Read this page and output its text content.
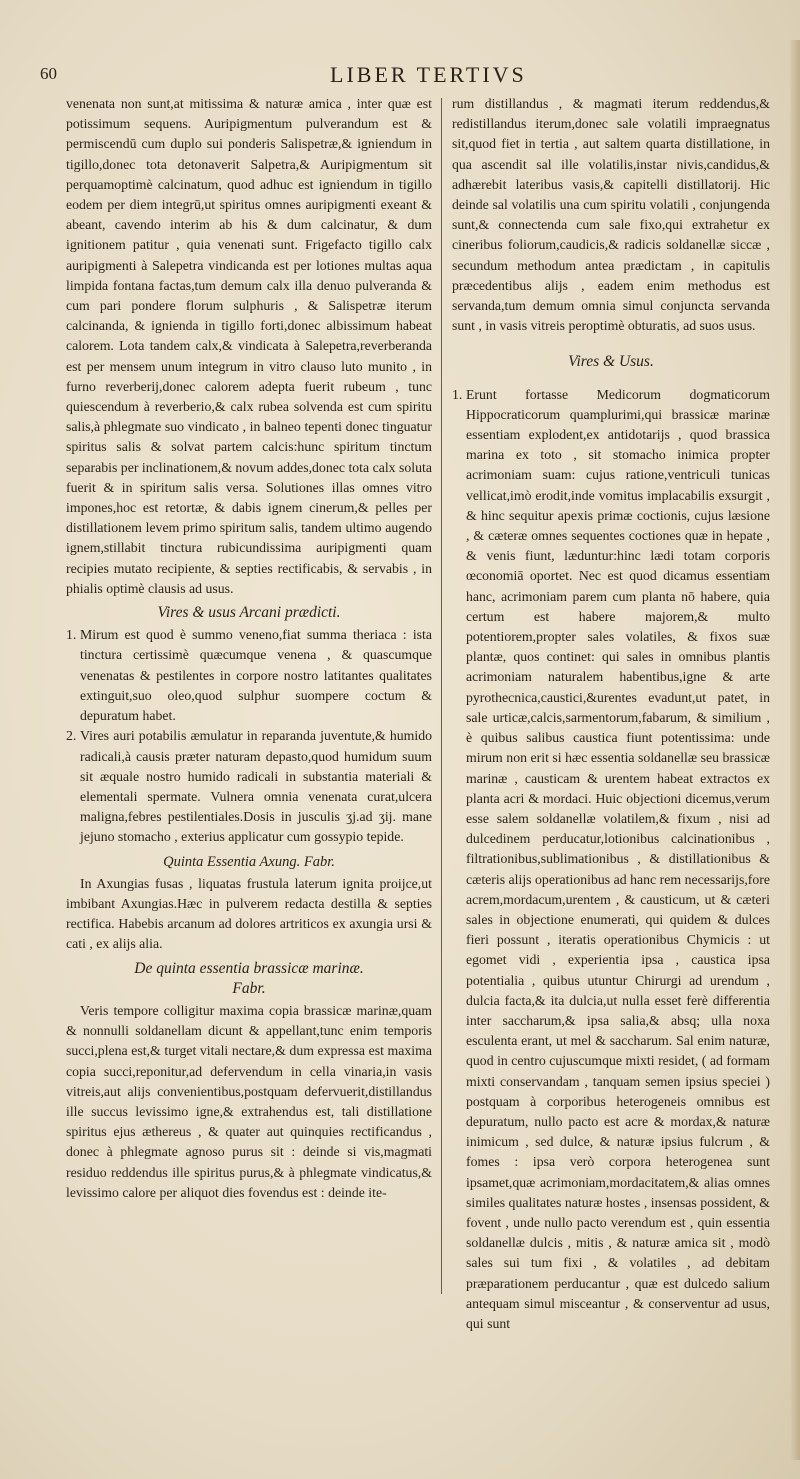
60	LIBER TERTIVS

venenata non sunt,at mitissima & naturæ amica , inter quæ est potissimum sequens. Auripigmentum pulverandum est & permiscendū cum duplo sui ponderis Salispetræ,& igniendum in tigillo,donec tota detonaverit Salpetra,& Auripigmentum sit perquamoptimè calcinatum, quod adhuc est igniendum in tigillo eodem per diem integrū,ut spiritus omnes auripigmenti exeant & abeant, cavendo interim ab his & dum calcinatur, & dum ignitionem patitur , quia venenati sunt. Frigefacto tigillo calx auripigmenti à Salepetra vindicanda est per lotiones multas aqua limpida fontana factas,tum demum calx illa denuo pulveranda & cum pari pondere florum sulphuris , & Salispetræ iterum calcinanda, & ignienda in tigillo forti,donec albissimum habeat calorem. Lota tandem calx,& vindicata à Salepetra,reverberanda est per mensem unum integrum in vitro clauso luto munito , in furno reverberij,donec calorem adepta fuerit rubeum , tunc quiescendum à reverberio,& calx rubea solvenda est cum spiritu salis,à phlegmate suo vindicato , in balneo tepenti donec tinguatur spiritus salis & solvat partem calcis:hunc spiritum tinctum separabis per inclinationem,& novum addes,donec tota calx soluta fuerit & in spiritum salis versa. Solutiones illas omnes vitro impones,hoc est retortæ, & dabis ignem cinerum,& pelles per distillationem levem primo spiritum salis, tandem ultimo augendo ignem,stillabit tinctura rubicundissima auripigmenti quam recipies mutato recipiente, & septies rectificabis, & servabis , in phialis optimè clausis ad usus.

Vires & usus Arcani prædicti.

1. Mirum est quod è summo veneno,fiat summa theriaca : ista tinctura certissimè quæcumque venena , & quascumque venenatas & pestilentes in corpore nostro latitantes qualitates extinguit,suo oleo,quod sulphur suompere coctum & depuratum habet.
2. Vires auri potabilis æmulatur in reparanda juventute,& humido radicali,à causis præter naturam depasto,quod humidum suum sit æquale nostro humido radicali in substantia materiali & elementali spermate. Vulnera omnia venenata curat,ulcera maligna,febres pestilentiales.Dosis in jusculis ʒj.ad ʒij. mane jejuno stomacho , exterius applicatur cum gossypio tepide.

Quinta Essentia Axung. Fabr.

In Axungias fusas , liquatas frustula laterum ignita proijce,ut imbibant Axungias.Hæc in pulverem redacta destilla & septies rectifica. Habebis arcanum ad dolores artriticos ex axungia ursi & cati , ex alijs alia.

De quinta essentia brassicæ marinæ.

Fabr.

Veris tempore colligitur maxima copia brassicæ marinæ,quam & nonnulli soldanellam dicunt & appellant,tunc enim temporis succi,plena est,& turget vitali nectare,& dum expressa est maxima copia succi,reponitur,ad defervendum in cella vinaria,in vasis vitreis,aut alijs convenientibus,postquam defervuerit,distillandus ille succus levissimo igne,& extrahendus est, tali distillatione spiritus ejus æthereus , & quater aut quinquies rectificandus , donec à phlegmate agnoso purus sit : deinde si vis,magmati residuo reddendus ille spiritus purus,& à phlegmate vindicatus,& levissimo calore per aliquot dies fovendus est : deinde ite-

rum distillandus , & magmati iterum reddendus,& redistillandus iterum,donec sale volatili impraegnatus sit,quod fiet in tertia , aut saltem quarta distillatione, in qua ascendit sal ille volatilis,instar nivis,candidus,& adhærebit lateribus vasis,& capitelli distillatorij. Hic deinde sal volatilis una cum spiritu volatili , conjungenda sunt,& connectenda cum sale fixo,qui extrahetur ex cineribus foliorum,caudicis,& radicis soldanellæ siccæ , secundum methodum antea prædictam , in capitulis præcedentibus alijs , eadem enim methodus est servanda,tum demum omnia simul conjuncta servanda sunt , in vasis vitreis peroptimè obturatis, ad suos usus.

Vires & Usus.

1. Erunt fortasse Medicorum dogmaticorum Hippocraticorum quamplurimi,qui brassicæ marinæ essentiam explodent,ex antidotarijs , quod brassica marina ex toto , sit stomacho inimica propter acrimoniam suam: cujus ratione,ventriculi tunicas vellicat,imò erodit,inde vomitus implacabilis exsurgit , & hinc sequitur apexis primæ coctionis, cujus læsione , & cæteræ omnes sequentes coctiones quæ in hepate , & venis fiunt, læduntur:hinc lædi totam corporis œconomiā oportet. Nec est quod dicamus essentiam hanc, acrimoniam parem cum planta nō habere, quia certum est habere majorem,& multo potentiorem,propter sales volatiles, & fixos suæ plantæ, quos continet: qui sales in omnibus plantis acrimoniam naturalem habentibus,igne & arte pyrothecnica,caustici,&urentes evadunt,ut patet, in sale urticæ,calcis,sarmentorum,fabarum, & similium , è quibus salibus caustica fiunt potentissima: unde mirum non erit si hæc essentia soldanellæ seu brassicæ marinæ , causticam & urentem habeat extractos ex planta acri & mordaci. Huic objectioni dicemus,verum esse salem soldanellæ volatilem,& fixum , nisi ad dulcedinem perducatur,lotionibus calcinationibus , filtrationibus,sublimationibus , & distillationibus & cæteris alijs operationibus ad hanc rem necessarijs,fore acrem,mordacum,urentem , & causticum, ut & cæteri sales in objectione enumerati, qui quidem & dulces fieri possunt , iteratis operationibus Chymicis : ut egomet vidi , experientia ipsa , caustica ipsa potentialia , quibus utuntur Chirurgi ad urendum , dulcia facta,& ita dulcia,ut nulla esset ferè differentia inter saccharum,& ipsa salia,& absq; ulla noxa esculenta erant, ut mel & saccharum. Sal enim naturæ, quod in centro cujuscumque mixti residet, ( ad formam mixti conservandam , tanquam semen ipsius speciei ) postquam à corporibus heterogeneis omnibus est depuratum, nullo pacto est acre & mordax,& naturæ inimicum , sed dulce, & naturæ ipsius fulcrum , & fomes : ipsa verò corpora heterogenea sunt ipsamet,quæ acrimoniam,mordacitatem,& alias omnes similes qualitates naturæ hostes , insensas possident, & fovent , unde nullo pacto verendum est , quin essentia soldanellæ dulcis , mitis , & naturæ amica sit , modò sales sui tum fixi , & volatiles , ad debitam præparationem perducantur , quæ est dulcedo salium antequam simul misceantur , & conserventur ad usus, qui sunt
